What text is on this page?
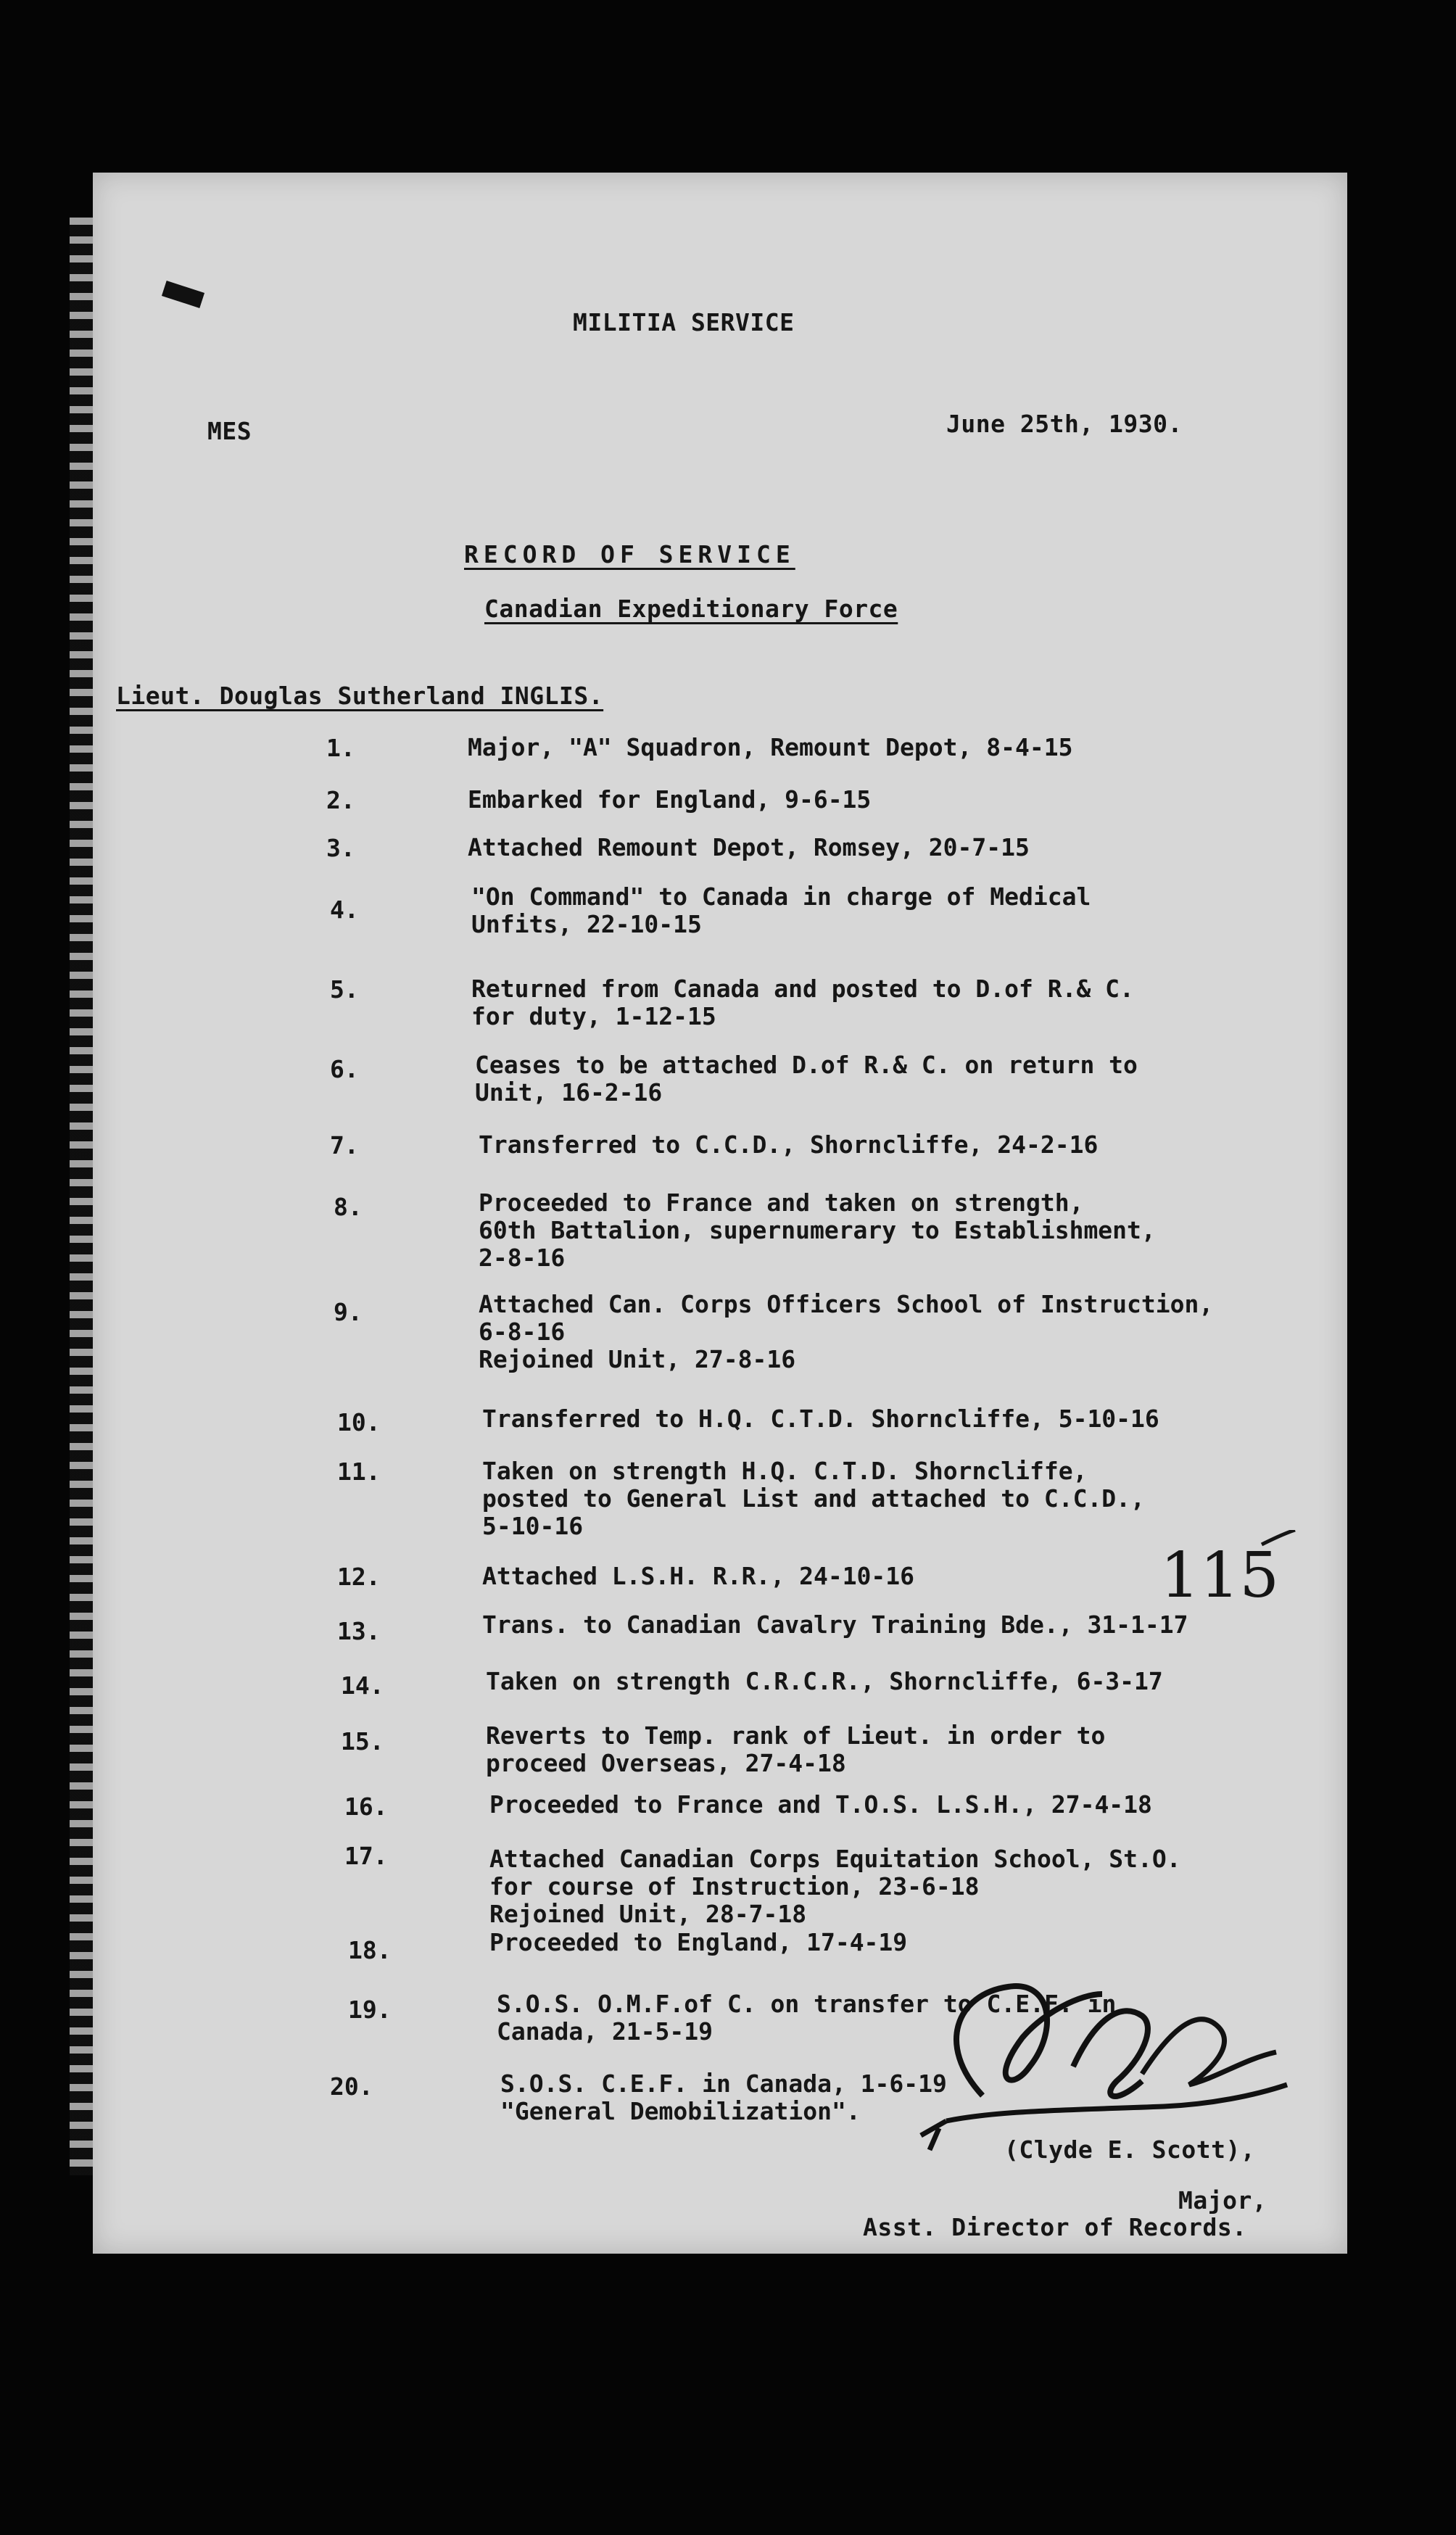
MILITIA SERVICE
MES	June 25th, 1930.
RECORD OF SERVICE
Canadian Expeditionary Force
Lieut. Douglas Sutherland INGLIS.
1.	Major, "A" Squadron, Remount Depot, 8-4-15
2.	Embarked for England, 9-6-15
3.	Attached Remount Depot, Romsey, 20-7-15
4.	"On Command" to Canada in charge of Medical
Unfits, 22-10-15
5.	Returned from Canada and posted to D.of R.& C.
for duty, 1-12-15
6.	Ceases to be attached D.of R.& C. on return to
Unit, 16-2-16
7.	Transferred to C.C.D., Shorncliffe, 24-2-16
8.	Proceeded to France and taken on strength,
60th Battalion, supernumerary to Establishment,
2-8-16
9.	Attached Can. Corps Officers School of Instruction,
6-8-16
Rejoined Unit, 27-8-16
10.	Transferred to H.Q. C.T.D. Shorncliffe, 5-10-16
11.	Taken on strength H.Q. C.T.D. Shorncliffe,
posted to General List and attached to C.C.D.,
5-10-16
12.	Attached L.S.H. R.R., 24-10-16
13.	Trans. to Canadian Cavalry Training Bde., 31-1-17
14.	Taken on strength C.R.C.R., Shorncliffe, 6-3-17
15.	Reverts to Temp. rank of Lieut. in order to
proceed Overseas, 27-4-18
16.	Proceeded to France and T.O.S. L.S.H., 27-4-18
17.	Attached Canadian Corps Equitation School, St.O.
for course of Instruction, 23-6-18
Rejoined Unit, 28-7-18
18.	Proceeded to England, 17-4-19
19.	S.O.S. O.M.F.of C. on transfer to C.E.F. in
Canada, 21-5-19
20.	S.O.S. C.E.F. in Canada, 1-6-19
"General Demobilization".
115
(Clyde E. Scott),
Major,
Asst. Director of Records.
